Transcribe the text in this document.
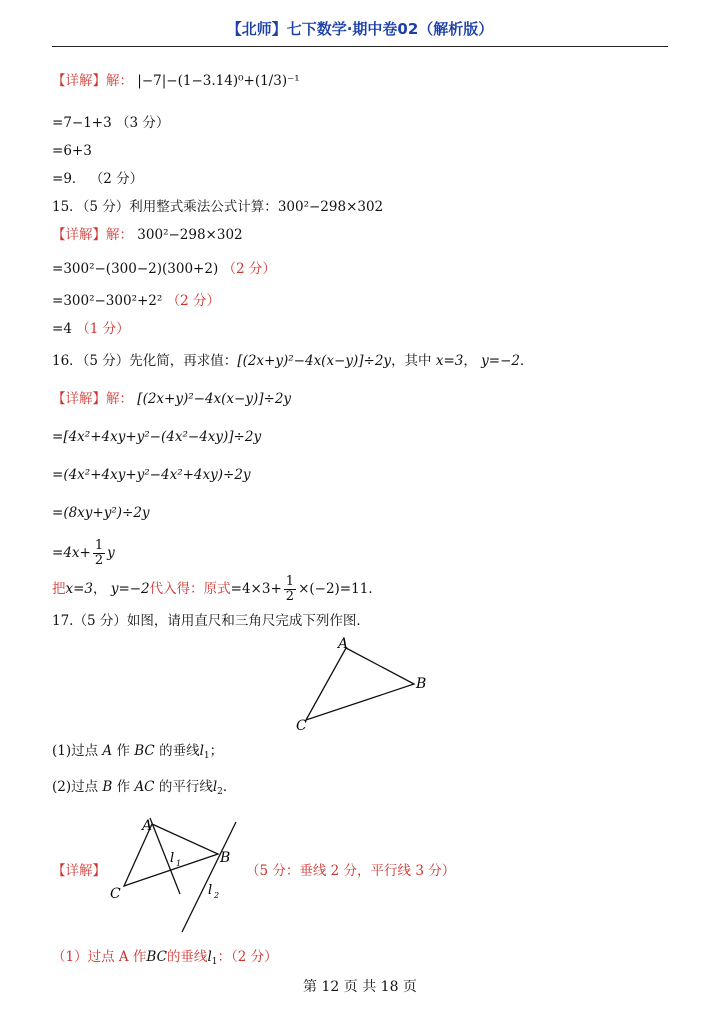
【北师】七下数学·期中卷02（解析版）
【详解】解： |−7|−(1−3.14)⁰+(1/3)⁻¹
=7−1+3 （3 分）
=6+3
=9． （2 分）
15．（5 分）利用整式乘法公式计算：300²−298×302
【详解】解： 300²−298×302
=300²−(300−2)(300+2) （2 分）
=300²−300²+2² （2 分）
=4 （1 分）
16．（5 分）先化简，再求值：[(2x+y)²−4x(x−y)]÷2y，其中 x=3， y=−2．
【详解】解： [(2x+y)²−4x(x−y)]÷2y
=[4x²+4xy+y²−(4x²−4xy)]÷2y
=(4x²+4xy+y²−4x²+4xy)÷2y
=(8xy+y²)÷2y
$=4x+ \frac{1}{2}$ y
把x=3， y=−2代入得：原式$=4\times 3+ \frac{1}{2} \times(-2)=11$．
17.（5 分）如图，请用直尺和三角尺完成下列作图．
A
B
C
(1)过点 A 作 BC 的垂线$l_1$；
(2)过点 B 作 AC 的平行线$l_2$．
【详解】
A
B
C
l 1
l 2
（5 分：垂线 2 分，平行线 3 分）
（1）过点 A 作BC的垂线$l_1$：（2 分）
第 12 页 共 18 页
